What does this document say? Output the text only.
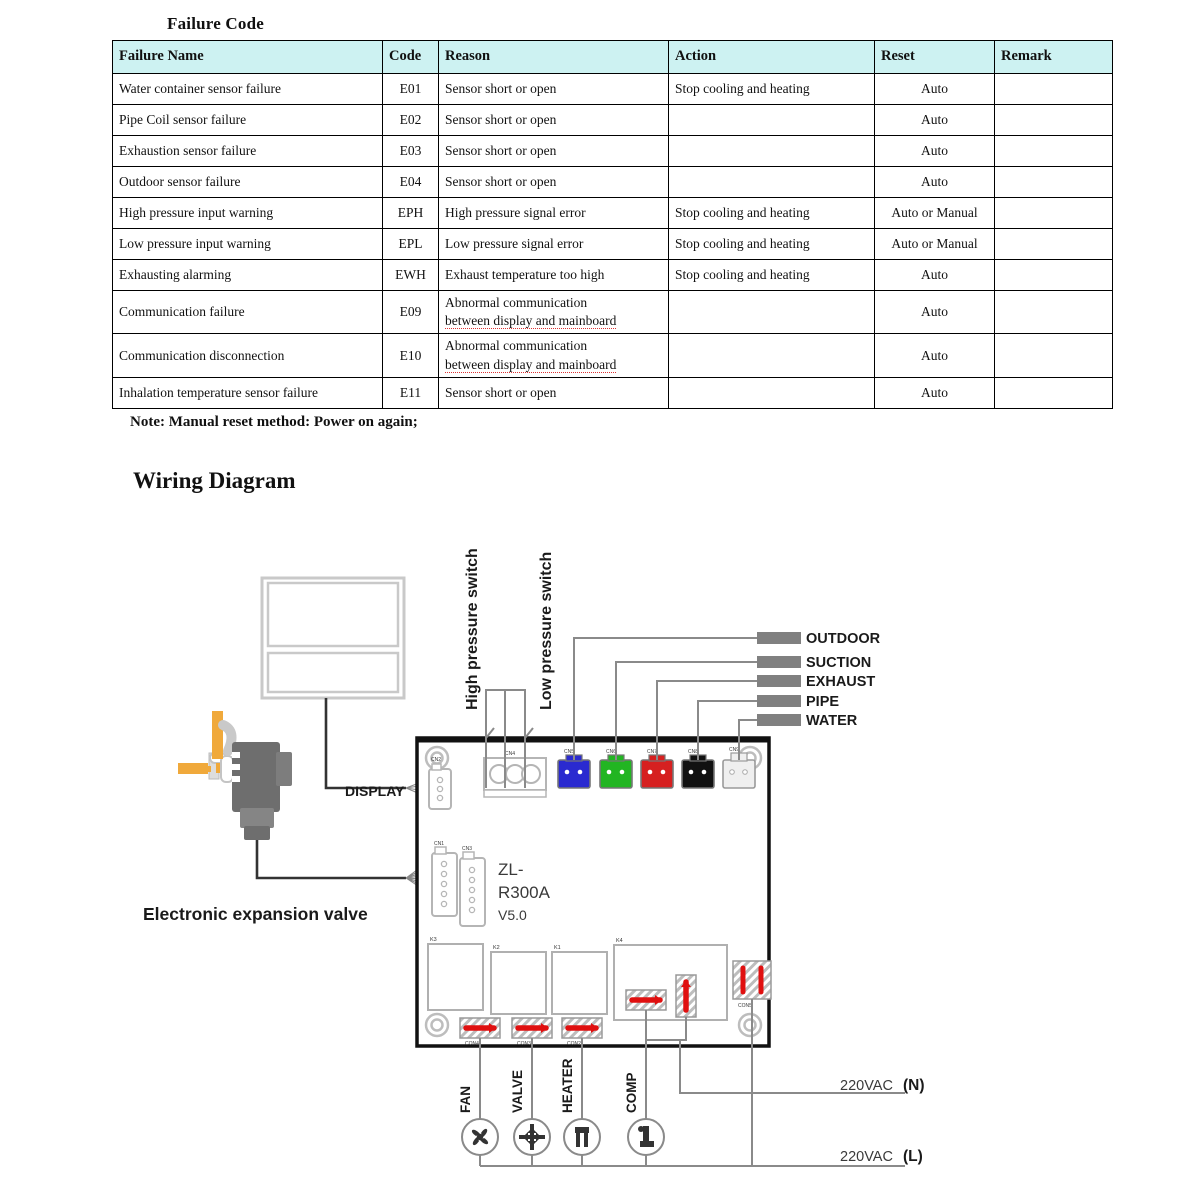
Failure Code
Failure Name	Code	Reason	Action	Reset	Remark
Water container sensor failure	E01	Sensor short or open	Stop cooling and heating	Auto	
Pipe Coil sensor failure	E02	Sensor short or open		Auto	
Exhaustion sensor failure	E03	Sensor short or open		Auto	
Outdoor sensor failure	E04	Sensor short or open		Auto	
High pressure input warning	EPH	High pressure signal error	Stop cooling and heating	Auto or Manual	
Low pressure input warning	EPL	Low pressure signal error	Stop cooling and heating	Auto or Manual	
Exhausting alarming	EWH	Exhaust temperature too high	Stop cooling and heating	Auto	
Communication failure	E09	Abnormal communication
between display and mainboard		Auto	
Communication disconnection	E10	Abnormal communication
between display and mainboard		Auto	
Inhalation temperature sensor failure	E11	Sensor short or open		Auto	
Note: Manual reset method: Power on again;
Wiring Diagram
Electronic expansion valve
DISPLAY
ZL-
R300A
V5.0
CN2
CN1
CN3
CN4	CN5	CN6	CN7	CN8	CN9
K3
K2	K1
K4
CON4	CON3	CON2
CON5
High pressure switch	Low pressure switch	OUTDOOR
SUCTION
EXHAUST
PIPE
WATER
FAN	VALVE	HEATER	COMP	220VAC (N)
220VAC (L)
